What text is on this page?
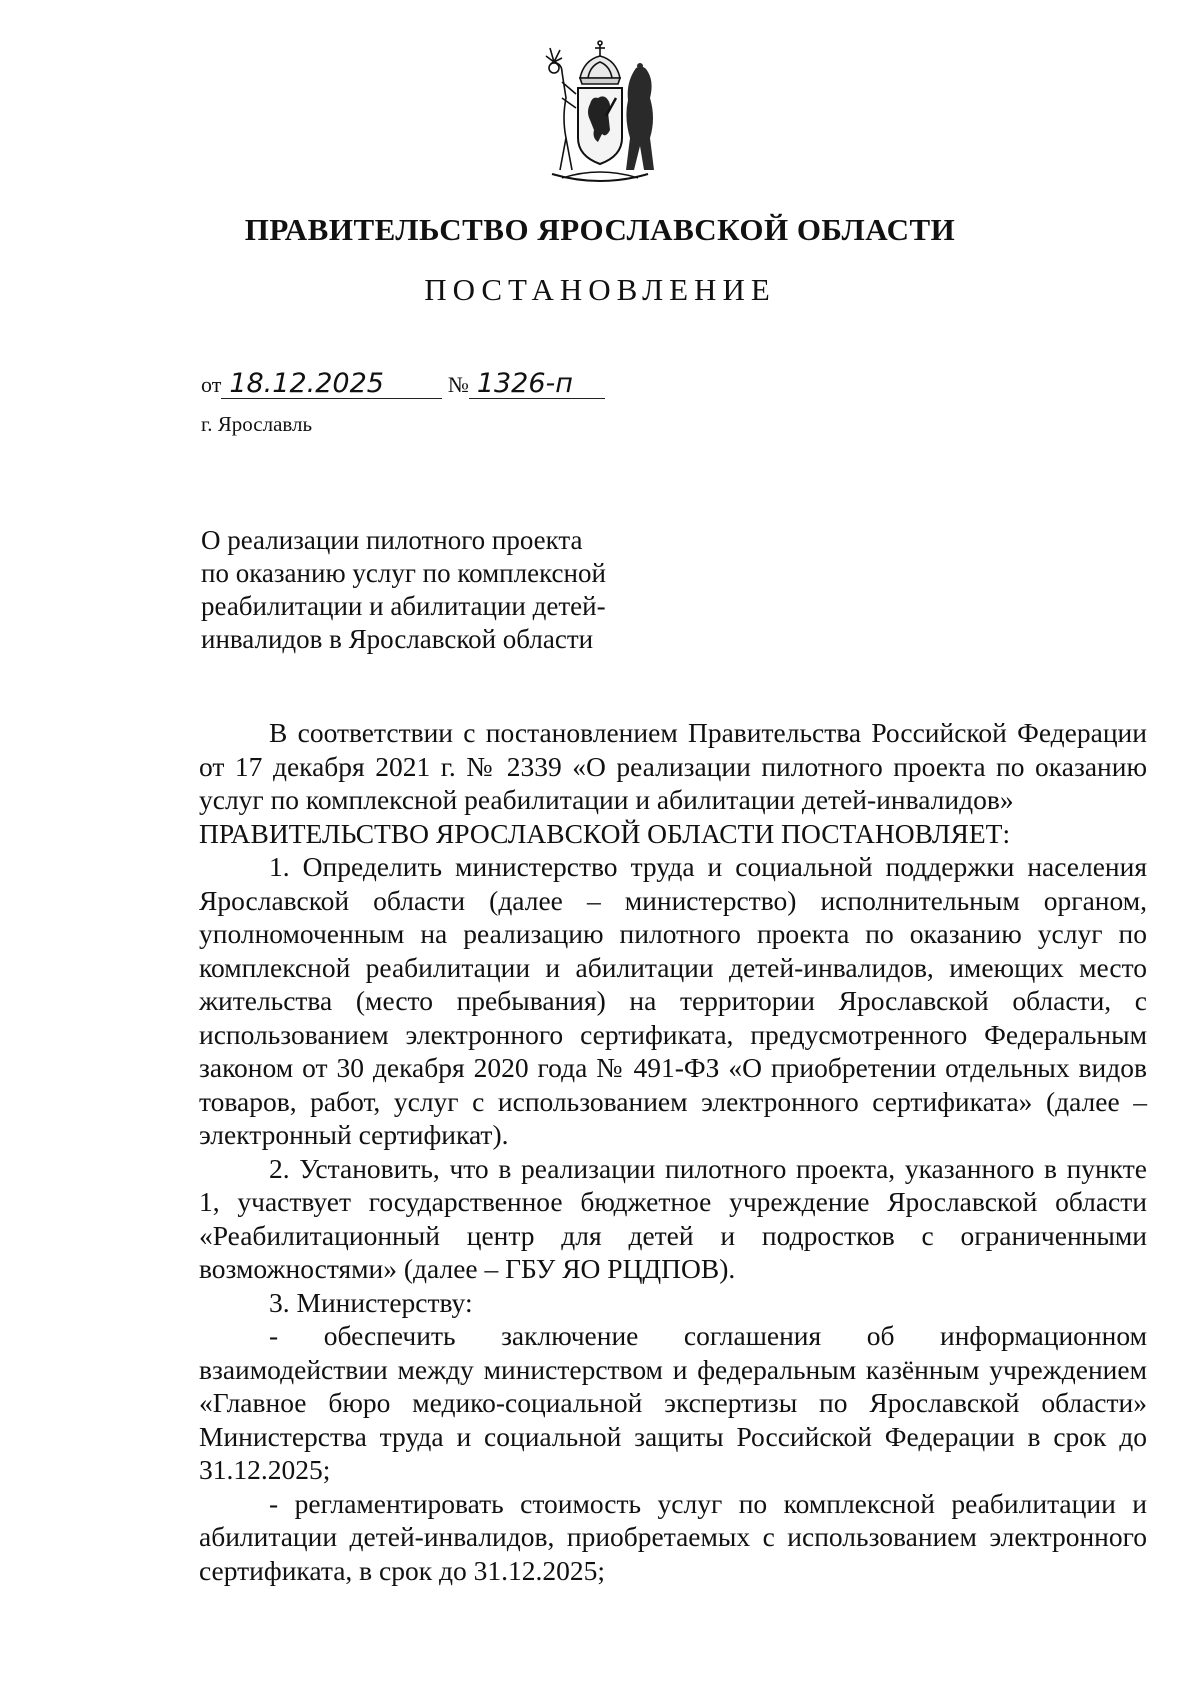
ПРАВИТЕЛЬСТВО ЯРОСЛАВСКОЙ ОБЛАСТИ
ПОСТАНОВЛЕНИЕ
от 18.12.2025	№ 1326-п
г. Ярославль
О реализации пилотного проекта
по оказанию услуг по комплексной
реабилитации и абилитации детей-
инвалидов в Ярославской области

В соответствии с постановлением Правительства Российской Федерации от 17 декабря 2021 г. № 2339 «О реализации пилотного проекта по оказанию услуг по комплексной реабилитации и абилитации детей-инвалидов»

ПРАВИТЕЛЬСТВО ЯРОСЛАВСКОЙ ОБЛАСТИ ПОСТАНОВЛЯЕТ:

1. Определить министерство труда и социальной поддержки населения Ярославской области (далее – министерство) исполнительным органом, уполномоченным на реализацию пилотного проекта по оказанию услуг по комплексной реабилитации и абилитации детей-инвалидов, имеющих место жительства (место пребывания) на территории Ярославской области, с использованием электронного сертификата, предусмотренного Федеральным законом от 30 декабря 2020 года № 491-ФЗ «О приобретении отдельных видов товаров, работ, услуг с использованием электронного сертификата» (далее – электронный сертификат).

2. Установить, что в реализации пилотного проекта, указанного в пункте 1, участвует государственное бюджетное учреждение Ярославской области «Реабилитационный центр для детей и подростков с ограниченными возможностями» (далее – ГБУ ЯО РЦДПОВ).

3. Министерству:

- обеспечить заключение соглашения об информационном взаимодействии между министерством и федеральным казённым учреждением «Главное бюро медико-социальной экспертизы по Ярославской области» Министерства труда и социальной защиты Российской Федерации в срок до 31.12.2025;

- регламентировать стоимость услуг по комплексной реабилитации и абилитации детей-инвалидов, приобретаемых с использованием электронного сертификата, в срок до 31.12.2025;
